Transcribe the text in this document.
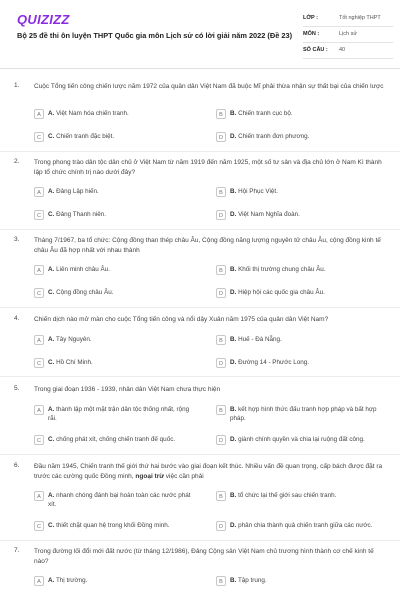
QUIZIZZ
Bộ 25 đề thi ôn luyện THPT Quốc gia môn Lịch sử có lời giải năm 2022 (Đề 23)
LỚP :	Tốt nghiệp THPT
MÔN :	Lịch sử
SỐ CÂU : 40
1. Cuộc Tổng tiến công chiến lược năm 1972 của quân dân Việt Nam đã buộc Mĩ phải thừa nhận sự thất bại của chiến lược
A	A. Việt Nam hóa chiến tranh.	B	B. Chiến tranh cục bộ.
C	C. Chiến tranh đặc biệt.	D	D. Chiến tranh đơn phương.
2. Trong phong trào dân tộc dân chủ ở Việt Nam từ năm 1919 đến năm 1925, một số tư sản và địa chủ lớn ở Nam Kì thành lập tổ chức chính trị nào dưới đây?
A	A. Đảng Lập hiến.	B	B. Hội Phục Việt.
C	C. Đảng Thanh niên.	D	D. Việt Nam Nghĩa đoàn.
3. Tháng 7/1967, ba tổ chức: Cộng đồng than thép châu Âu, Cộng đồng năng lượng nguyên tử châu Âu, cộng đồng kinh tế châu Âu đã hợp nhất với nhau thành
A	A. Liên minh châu Âu.	B	B. Khối thị trường chung châu Âu.
C	C. Cộng đồng châu Âu.	D	D. Hiệp hội các quốc gia châu Âu.
4. Chiến dịch nào mở màn cho cuộc Tổng tiến công và nổi dậy Xuân năm 1975 của quân dân Việt Nam?
A	A. Tây Nguyên.	B	B. Huế - Đà Nẵng.
C	C. Hồ Chí Minh.	D	D. Đường 14 - Phước Long.
5. Trong giai đoạn 1936 - 1939, nhân dân Việt Nam chưa thực hiện
A	A. thành lập một mặt trận dân tộc thống nhất, rộng rãi.
B	B. kết hợp hình thức đấu tranh hợp pháp và bất hợp pháp.
C	C. chống phát xít, chống chiến tranh đế quốc.	D	D. giành chính quyền và chia lại ruộng đất công.
6. Đầu năm 1945, Chiến tranh thế giới thứ hai bước vào giai đoạn kết thúc. Nhiều vấn đề quan trọng, cấp bách được đặt ra trước các cường quốc Đồng minh, ngoại trừ việc cần phải
A	A. nhanh chóng đánh bại hoàn toàn các nước phát xít.
B	B. tổ chức lại thế giới sau chiến tranh.
C	C. thiết chặt quan hệ trong khối Đồng minh.	D	D. phân chia thành quả chiến tranh giữa các nước.
7. Trong đường lối đổi mới đất nước (từ tháng 12/1986), Đảng Cộng sản Việt Nam chủ trương hình thành cơ chế kinh tế nào?
A	A. Thị trường.	B	B. Tập trung.
